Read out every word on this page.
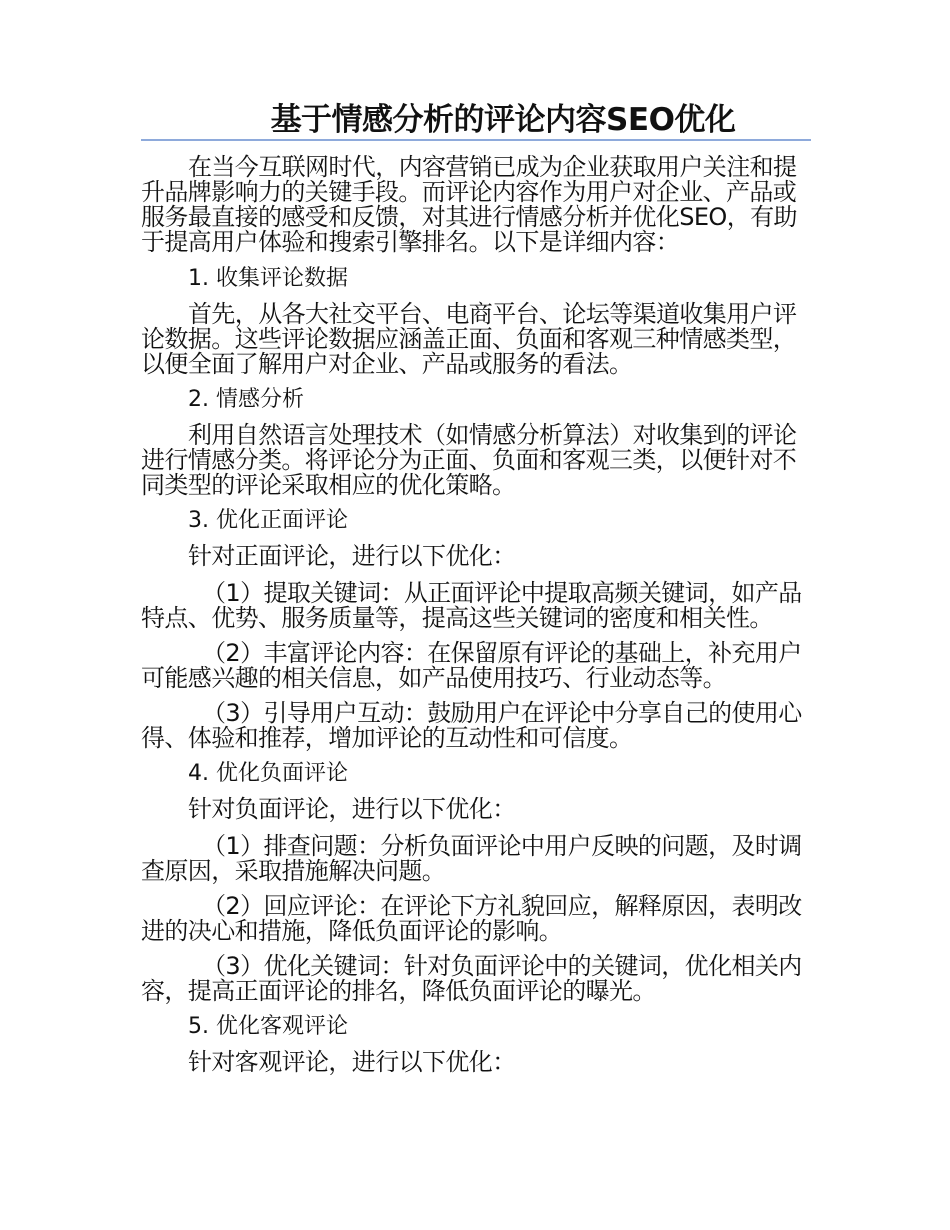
基于情感分析的评论内容SEO优化

在当今互联网时代，内容营销已成为企业获取用户关注和提升品牌影响力的关键手段。而评论内容作为用户对企业、产品或服务最直接的感受和反馈，对其进行情感分析并优化SEO，有助于提高用户体验和搜索引擎排名。以下是详细内容：

1. 收集评论数据

首先，从各大社交平台、电商平台、论坛等渠道收集用户评论数据。这些评论数据应涵盖正面、负面和客观三种情感类型，以便全面了解用户对企业、产品或服务的看法。

2. 情感分析

利用自然语言处理技术（如情感分析算法）对收集到的评论进行情感分类。将评论分为正面、负面和客观三类，以便针对不同类型的评论采取相应的优化策略。

3. 优化正面评论

针对正面评论，进行以下优化：

（1）提取关键词：从正面评论中提取高频关键词，如产品特点、优势、服务质量等，提高这些关键词的密度和相关性。

（2）丰富评论内容：在保留原有评论的基础上，补充用户可能感兴趣的相关信息，如产品使用技巧、行业动态等。

（3）引导用户互动：鼓励用户在评论中分享自己的使用心得、体验和推荐，增加评论的互动性和可信度。

4. 优化负面评论

针对负面评论，进行以下优化：

（1）排查问题：分析负面评论中用户反映的问题，及时调查原因，采取措施解决问题。

（2）回应评论：在评论下方礼貌回应，解释原因，表明改进的决心和措施，降低负面评论的影响。

（3）优化关键词：针对负面评论中的关键词，优化相关内容，提高正面评论的排名，降低负面评论的曝光。

5. 优化客观评论

针对客观评论，进行以下优化：
